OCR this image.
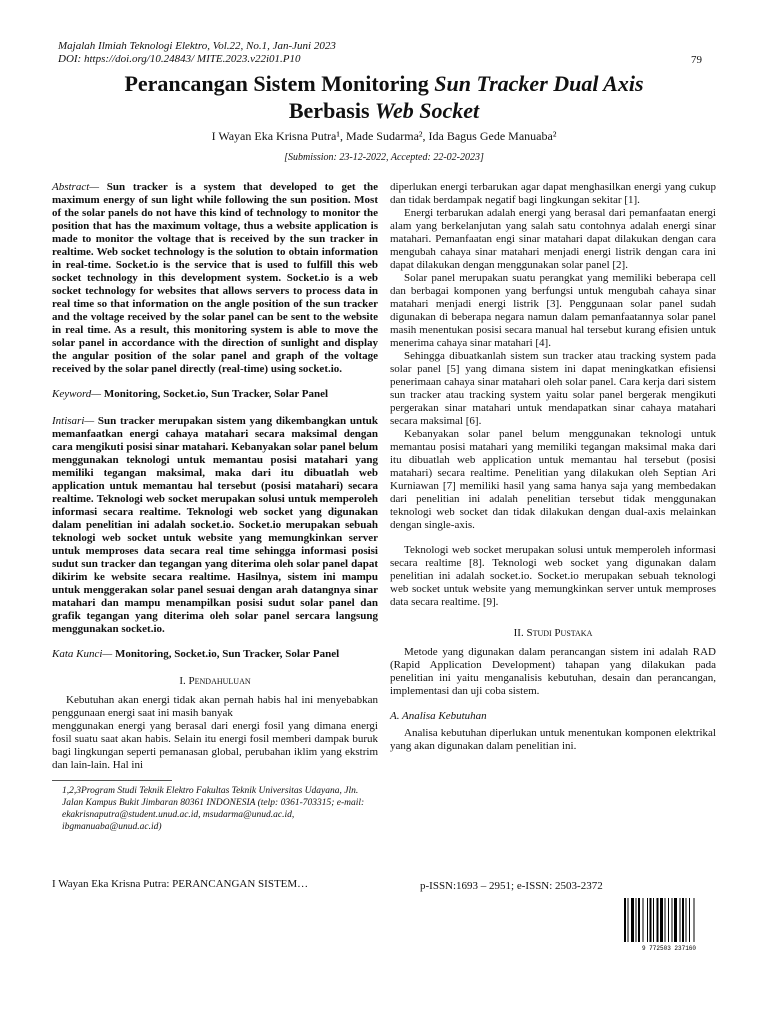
Majalah Ilmiah Teknologi Elektro, Vol.22, No.1, Jan-Juni 2023
DOI: https://doi.org/10.24843/ MITE.2023.v22i01.P10	79
Perancangan Sistem Monitoring Sun Tracker Dual Axis
Berbasis Web Socket
I Wayan Eka Krisna Putra¹, Made Sudarma², Ida Bagus Gede Manuaba²
[Submission: 23-12-2022, Accepted: 22-02-2023]

Abstract— Sun tracker is a system that developed to get the maximum energy of sun light while following the sun position. Most of the solar panels do not have this kind of technology to monitor the position that has the maximum voltage, thus a website application is made to monitor the voltage that is received by the sun tracker in realtime. Web socket technology is the solution to obtain information in real-time. Socket.io is the service that is used to fulfill this web socket technology in this development system. Socket.io is a web socket technology for websites that allows servers to process data in real time so that information on the angle position of the sun tracker and the voltage received by the solar panel can be sent to the website in real time. As a result, this monitoring system is able to move the solar panel in accordance with the direction of sunlight and display the angular position of the solar panel and graph of the voltage received by the solar panel directly (real-time) using socket.io.

Keyword— Monitoring, Socket.io, Sun Tracker, Solar Panel

Intisari— Sun tracker merupakan sistem yang dikembangkan untuk memanfaatkan energi cahaya matahari secara maksimal dengan cara mengikuti posisi sinar matahari. Kebanyakan solar panel belum menggunakan teknologi untuk memantau posisi matahari yang memiliki tegangan maksimal, maka dari itu dibuatlah web application untuk memantau hal tersebut (posisi matahari) secara realtime. Teknologi web socket merupakan solusi untuk memperoleh informasi secara realtime. Teknologi web socket yang digunakan dalam penelitian ini adalah socket.io. Socket.io merupakan sebuah teknologi web socket untuk website yang memungkinkan server untuk memproses data secara real time sehingga informasi posisi sudut sun tracker dan tegangan yang diterima oleh solar panel dapat dikirim ke website secara realtime. Hasilnya, sistem ini mampu untuk menggerakan solar panel sesuai dengan arah datangnya sinar matahari dan mampu menampilkan posisi sudut solar panel dan grafik tegangan yang diterima oleh solar panel sercara langsung menggunakan socket.io.

Kata Kunci— Monitoring, Socket.io, Sun Tracker, Solar Panel

I. Pendahuluan

Kebutuhan akan energi tidak akan pernah habis hal ini menyebabkan penggunaan energi saat ini masih banyak

menggunakan energi yang berasal dari energi fosil yang dimana energi fosil suatu saat akan habis. Selain itu energi fosil memberi dampak buruk bagi lingkungan seperti pemanasan global, perubahan iklim yang ekstrim dan lain-lain. Hal ini

1,2,3Program Studi Teknik Elektro Fakultas Teknik Universitas Udayana, Jln. Jalan Kampus Bukit Jimbaran 80361 INDONESIA (telp: 0361-703315; e-mail: ekakrisnaputra@student.unud.ac.id, msudarma@unud.ac.id, ibgmanuaba@unud.ac.id)

diperlukan energi terbarukan agar dapat menghasilkan energi yang cukup dan tidak berdampak negatif bagi lingkungan sekitar [1].

Energi terbarukan adalah energi yang berasal dari pemanfaatan energi alam yang berkelanjutan yang salah satu contohnya adalah energi sinar matahari. Pemanfaatan engi sinar matahari dapat dilakukan dengan cara mengubah cahaya sinar matahari menjadi energi listrik dengan cara ini dapat dilakukan dengan menggunakan solar panel [2].

Solar panel merupakan suatu perangkat yang memiliki beberapa cell dan berbagai komponen yang berfungsi untuk mengubah cahaya sinar matahari menjadi energi listrik [3]. Penggunaan solar panel sudah digunakan di beberapa negara namun dalam pemanfaatannya solar panel masih menentukan posisi secara manual hal tersebut kurang efisien untuk menerima cahaya sinar matahari [4].

Sehingga dibuatkanlah sistem sun tracker atau tracking system pada solar panel [5] yang dimana sistem ini dapat meningkatkan efisiensi penerimaan cahaya sinar matahari oleh solar panel. Cara kerja dari sistem sun tracker atau tracking system yaitu solar panel bergerak mengikuti pergerakan sinar matahari untuk mendapatkan sinar cahaya matahari secara maksimal [6].

Kebanyakan solar panel belum menggunakan teknologi untuk memantau posisi matahari yang memiliki tegangan maksimal maka dari itu dibuatlah web application untuk memantau hal tersebut (posisi matahari) secara realtime. Penelitian yang dilakukan oleh Septian Ari Kurniawan [7] memiliki hasil yang sama hanya saja yang membedakan dari penelitian ini adalah penelitian tersebut tidak menggunakan teknologi web socket dan tidak dilakukan dengan dual-axis melainkan dengan single-axis.

Teknologi web socket merupakan solusi untuk memperoleh informasi secara realtime [8]. Teknologi web socket yang digunakan dalam penelitian ini adalah socket.io. Socket.io merupakan sebuah teknologi web socket untuk website yang memungkinkan server untuk memproses data secara realtime. [9].

II. Studi Pustaka

Metode yang digunakan dalam perancangan sistem ini adalah RAD (Rapid Application Development) tahapan yang dilakukan pada penelitian ini yaitu menganalisis kebutuhan, desain dan perancangan, implementasi dan uji coba sistem.

A. Analisa Kebutuhan

Analisa kebutuhan diperlukan untuk menentukan komponen elektrikal yang akan digunakan dalam penelitian ini.

I Wayan Eka Krisna Putra: PERANCANGAN SISTEM…	p-ISSN:1693 – 2951; e-ISSN: 2503-2372
9 772503 237160
